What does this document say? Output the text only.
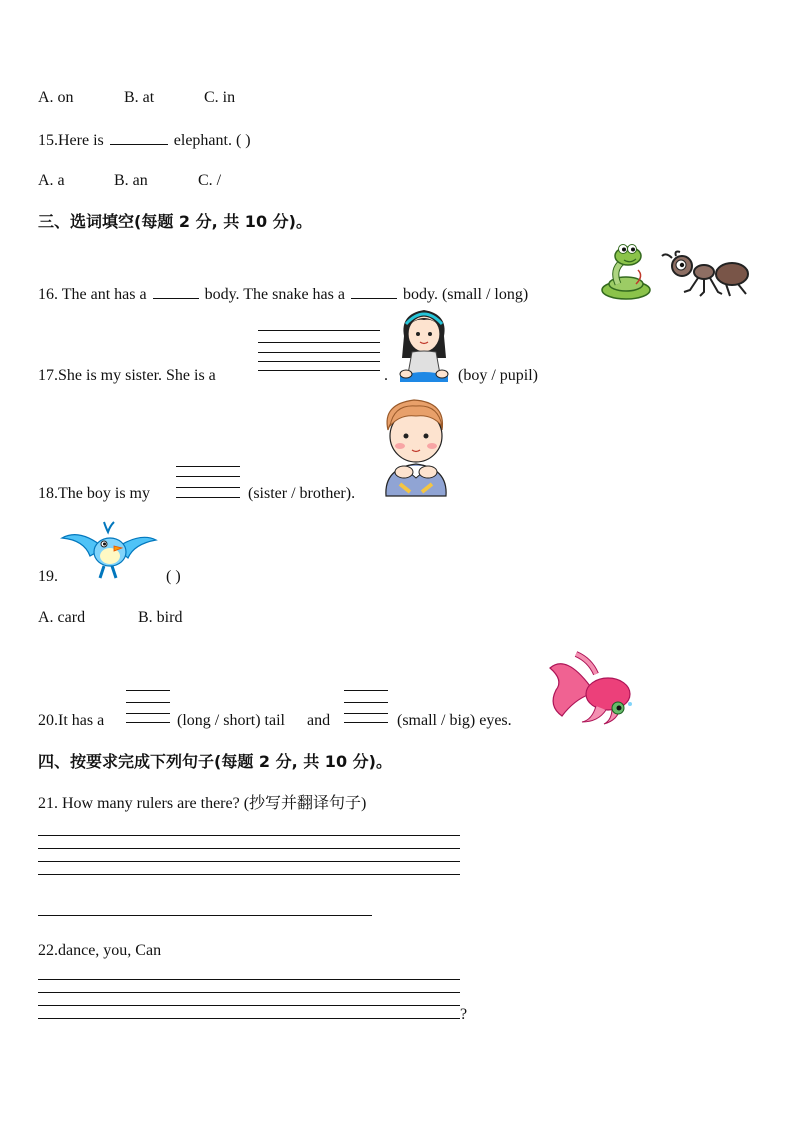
A. on	B. at	C. in
15.Here is	elephant. ( )
A. a	B. an	C. /
三、选词填空(每题 2 分, 共 10 分)。
16. The ant has a	body. The snake has a	body. (small / long)
17.She is my sister. She is a	.	(boy / pupil)
18.The boy is my	(sister / brother).
19.	( )
A. card	B. bird
20.It has a	(long / short) tail and	(small / big) eyes.
四、按要求完成下列句子(每题 2 分, 共 10 分)。
21. How many rulers are there? (抄写并翻译句子)
22.dance, you, Can
?
